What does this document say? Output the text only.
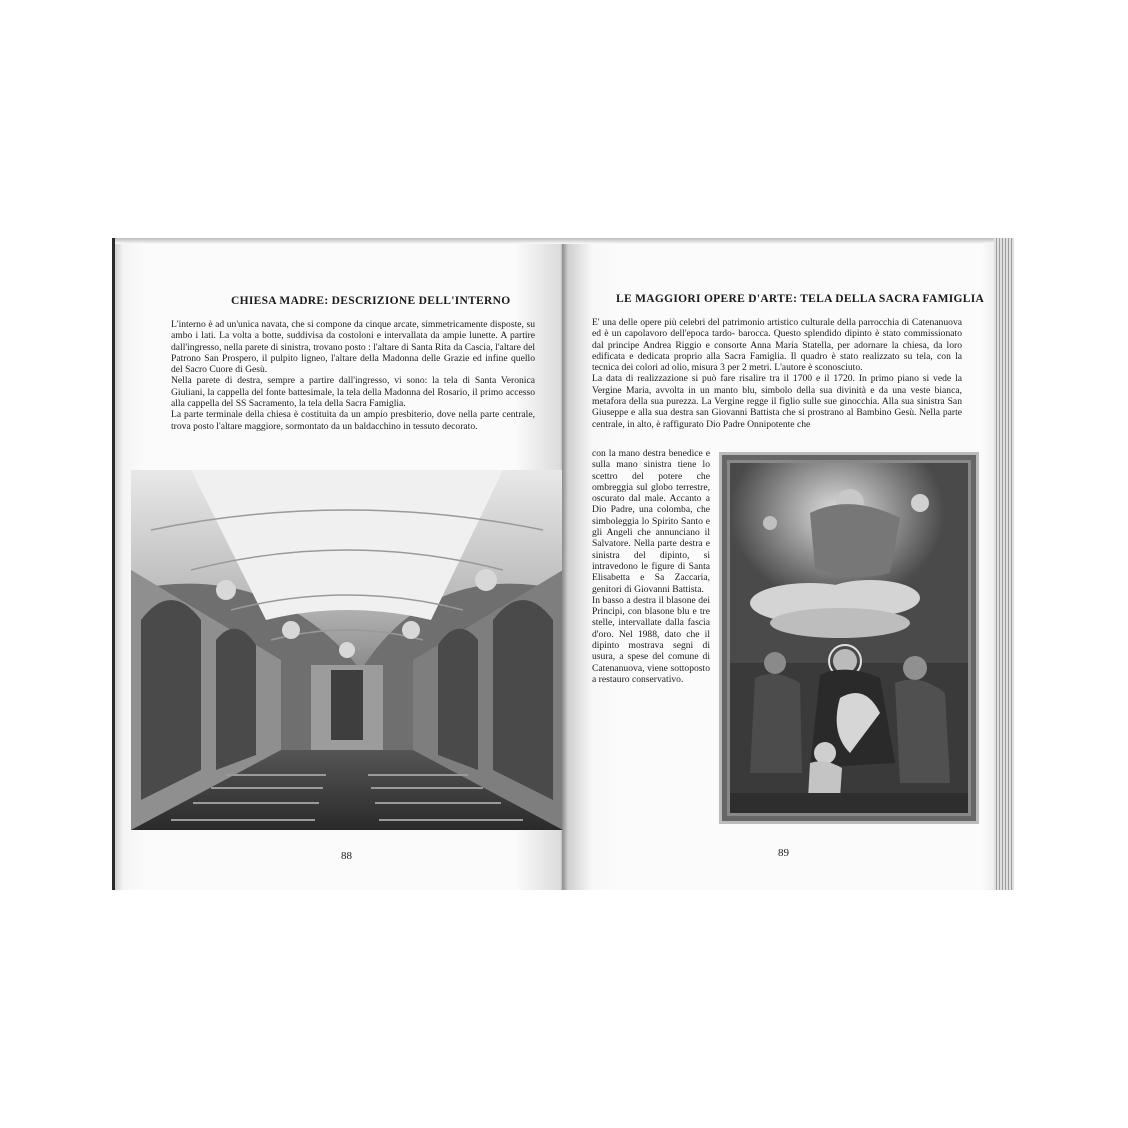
CHIESA MADRE: DESCRIZIONE DELL'INTERNO

L'interno è ad un'unica navata, che si compone da cinque arcate, simmetricamente disposte, su ambo i lati. La volta a botte, suddivisa da costoloni e intervallata da ampie lunette. A partire dall'ingresso, nella parete di sinistra, trovano posto : l'altare di Santa Rita da Cascia, l'altare del Patrono San Prospero, il pulpito ligneo, l'altare della Madonna delle Grazie ed infine quello del Sacro Cuore di Gesù.

Nella parete di destra, sempre a partire dall'ingresso, vi sono: la tela di Santa Veronica Giuliani, la cappella del fonte battesimale, la tela della Madonna del Rosario, il primo accesso alla cappella del SS Sacramento, la tela della Sacra Famiglia.

La parte terminale della chiesa è costituita da un ampio presbiterio, dove nella parte centrale, trova posto l'altare maggiore, sormontato da un baldacchino in tessuto decorato.

88
LE MAGGIORI OPERE D'ARTE: TELA DELLA SACRA FAMIGLIA

E' una delle opere più celebri del patrimonio artistico culturale della parrocchia di Catenanuova ed è un capolavoro dell'epoca tardo- barocca. Questo splendido dipinto è stato commissionato dal principe Andrea Riggio e consorte Anna Maria Statella, per adornare la chiesa, da loro edificata e dedicata proprio alla Sacra Famiglia. Il quadro è stato realizzato su tela, con la tecnica dei colori ad olio, misura 3 per 2 metri. L'autore è sconosciuto.

La data di realizzazione si può fare risalire tra il 1700 e il 1720. In primo piano si vede la Vergine Maria, avvolta in un manto blu, simbolo della sua divinità e da una veste bianca, metafora della sua purezza. La Vergine regge il figlio sulle sue ginocchia. Alla sua sinistra San Giuseppe e alla sua destra san Giovanni Battista che si prostrano al Bambino Gesù. Nella parte centrale, in alto, è raffigurato Dio Padre Onnipotente che

con la mano destra benedice e sulla mano sinistra tiene lo scettro del potere che ombreggia sul globo terrestre, oscurato dal male. Accanto a Dio Padre, una colomba, che simboleggia lo Spirito Santo e gli Angeli che annunciano il Salvatore. Nella parte destra e sinistra del dipinto, si intravedono le figure di Santa Elisabetta e Sa Zaccaria, genitori di Giovanni Battista.

In basso a destra il blasone dei Principi, con blasone blu e tre stelle, intervallate dalla fascia d'oro. Nel 1988, dato che il dipinto mostrava segni di usura, a spese del comune di Catenanuova, viene sottoposto a restauro conservativo.

89
